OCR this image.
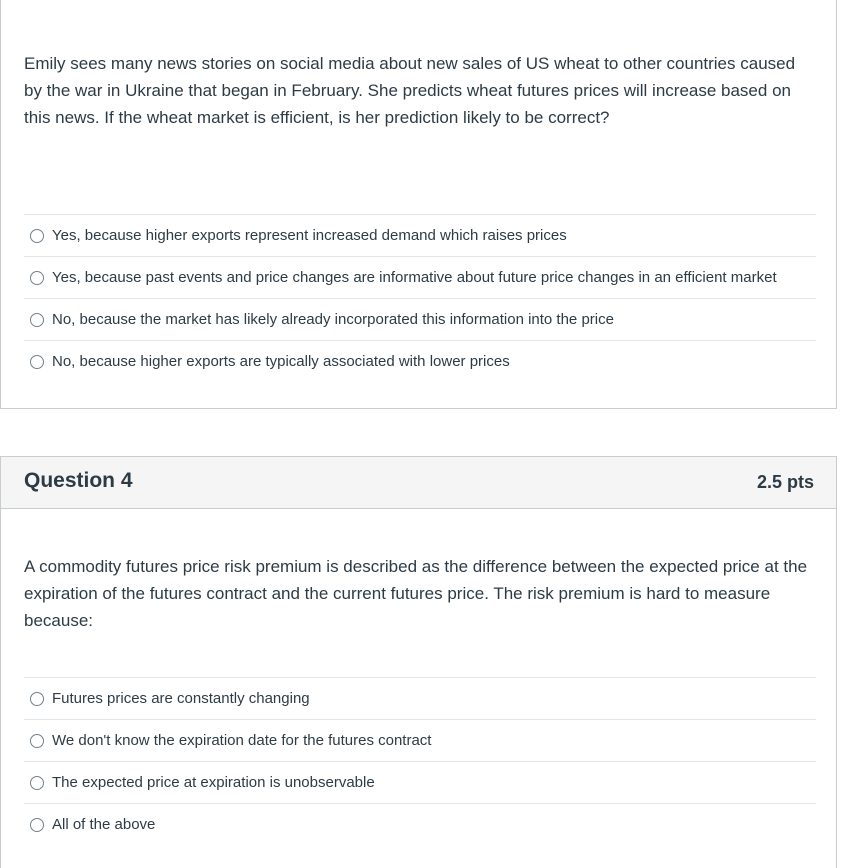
Emily sees many news stories on social media about new sales of US wheat to other countries caused by the war in Ukraine that began in February. She predicts wheat futures prices will increase based on this news. If the wheat market is efficient, is her prediction likely to be correct?

Yes, because higher exports represent increased demand which raises prices
Yes, because past events and price changes are informative about future price changes in an efficient market
No, because the market has likely already incorporated this information into the price
No, because higher exports are typically associated with lower prices
Question 4	2.5 pts

A commodity futures price risk premium is described as the difference between the expected price at the expiration of the futures contract and the current futures price. The risk premium is hard to measure because:

Futures prices are constantly changing
We don't know the expiration date for the futures contract
The expected price at expiration is unobservable
All of the above
